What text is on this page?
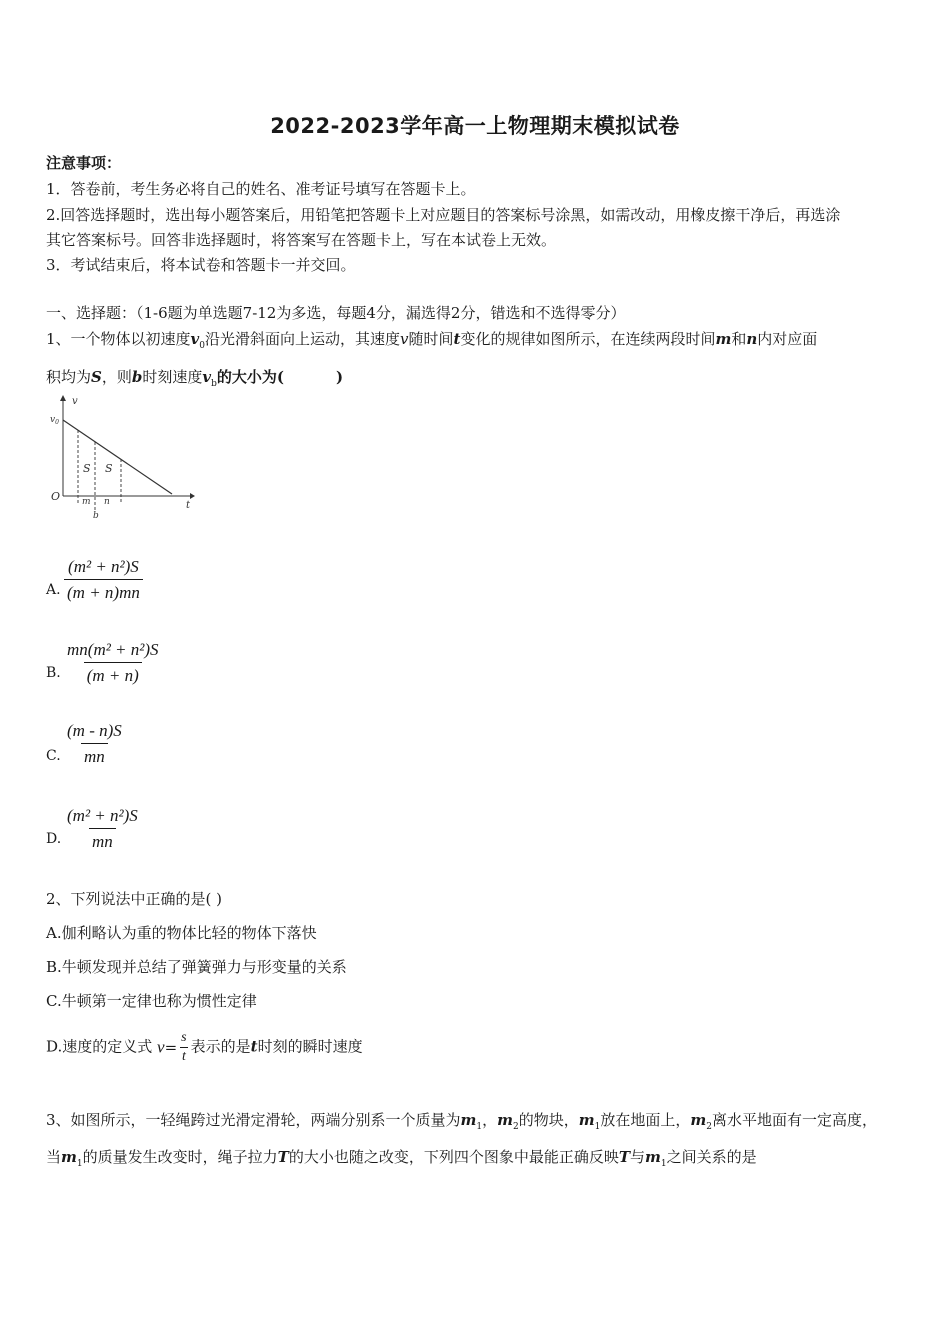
2022-2023学年高一上物理期末模拟试卷
注意事项：
1．答卷前，考生务必将自己的姓名、准考证号填写在答题卡上。
2.回答选择题时，选出每小题答案后，用铅笔把答题卡上对应题目的答案标号涂黑，如需改动，用橡皮擦干净后，再选涂
其它答案标号。回答非选择题时，将答案写在答题卡上，写在本试卷上无效。
3．考试结束后，将本试卷和答题卡一并交回。
一、选择题：（1-6题为单选题7-12为多选，每题4分，漏选得2分，错选和不选得零分）
1、一个物体以初速度$v_0$沿光滑斜面向上运动，其速度v随时间t变化的规律如图所示，在连续两段时间m和n内对应面
积均为S，则b时刻速度$v_b$的大小为(	)
v
t
O
$v_0$
S S
m n
b
A. $\frac{\text{(m² + n²)S}}{(m + n)mn}$
B. $\frac{\text{mn(m² + n²)S}}{(m + n)}$
C. $\frac{(m - n)S}{mn}$
D. $\frac{\text{(m² + n²)S}}{mn}$
2、下列说法中正确的是( )
A.伽利略认为重的物体比轻的物体下落快
B.牛顿发现并总结了弹簧弹力与形变量的关系
C.牛顿第一定律也称为惯性定律
D.速度的定义式 $v= \frac{s}{t}$ 表示的是t时刻的瞬时速度
3、如图所示，一轻绳跨过光滑定滑轮，两端分别系一个质量为$m_1$，$m_2$的物块，$m_1$放在地面上，$m_2$离水平地面有一定高度，
当$m_1$的质量发生改变时，绳子拉力T的大小也随之改变，下列四个图象中最能正确反映T与$m_1$之间关系的是
